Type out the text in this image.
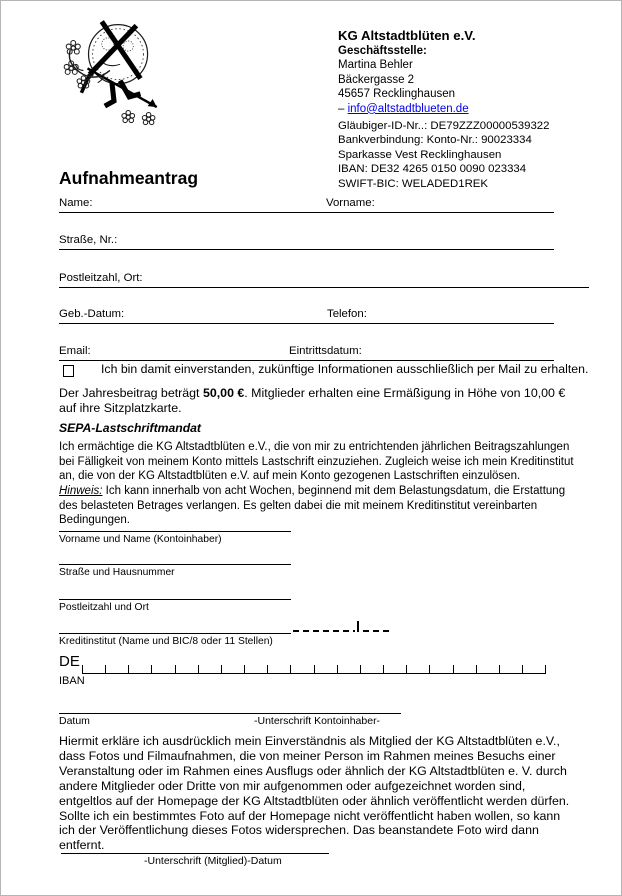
KG Altstadtblüten e.V.
Geschäftsstelle:
Martina Behler
Bäckergasse 2
45657 Recklinghausen
– info@altstadtblueten.de
Gläubiger-ID-Nr..: DE79ZZZ00000539322
Bankverbindung: Konto-Nr.: 90023334
Sparkasse Vest Recklinghausen
IBAN: DE32 4265 0150 0090 023334
SWIFT-BIC: WELADED1REK
Aufnahmeantrag
Name:	Vorname:
Straße, Nr.:
Postleitzahl, Ort:
Geb.-Datum:	Telefon:
Email:	Eintrittsdatum:
Ich bin damit einverstanden, zukünftige Informationen ausschließlich per Mail zu erhalten.
Der Jahresbeitrag beträgt 50,00 €. Mitglieder erhalten eine Ermäßigung in Höhe von 10,00 € auf ihre Sitzplatzkarte.
SEPA-Lastschriftmandat
Ich ermächtige die KG Altstadtblüten e.V., die von mir zu entrichtenden jährlichen Beitragszahlungen bei Fälligkeit von meinem Konto mittels Lastschrift einzuziehen. Zugleich weise ich mein Kreditinstitut an, die von der KG Altstadtblüten e.V. auf mein Konto gezogenen Lastschriften einzulösen.
Hinweis: Ich kann innerhalb von acht Wochen, beginnend mit dem Belastungsdatum, die Erstattung des belasteten Betrages verlangen. Es gelten dabei die mit meinem Kreditinstitut vereinbarten Bedingungen.
Vorname und Name (Kontoinhaber)
Straße und Hausnummer
Postleitzahl und Ort
Kreditinstitut (Name und BIC/8 oder 11 Stellen)
DE
IBAN
Datum	-Unterschrift Kontoinhaber-
Hiermit erkläre ich ausdrücklich mein Einverständnis als Mitglied der KG Altstadtblüten e.V., dass Fotos und Filmaufnahmen, die von meiner Person im Rahmen meines Besuchs einer Veranstaltung oder im Rahmen eines Ausflugs oder ähnlich der KG Altstadtblüten e. V. durch andere Mitglieder oder Dritte von mir aufgenommen oder aufgezeichnet worden sind, entgeltlos auf der Homepage der KG Altstadtblüten oder ähnlich veröffentlicht werden dürfen.
Sollte ich ein bestimmtes Foto auf der Homepage nicht veröffentlicht haben wollen, so kann ich der Veröffentlichung dieses Fotos widersprechen. Das beanstandete Foto wird dann entfernt.
-Unterschrift (Mitglied)-Datum
